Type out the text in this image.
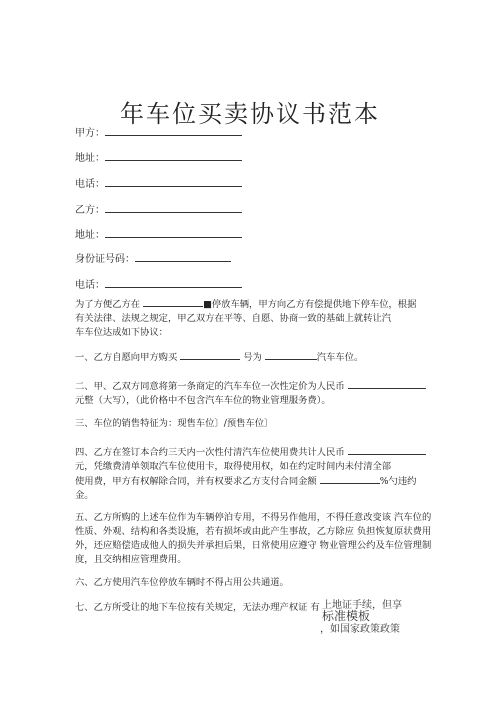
年车位买卖协议书范本
甲方：
地址：
电话：
乙方：
地址：
身份证号码：
电话：

为了方便乙方在	■停放车辆，甲方向乙方有偿提供地下停车位，根据

有关法律、法规之规定，甲乙双方在平等、自愿、协商一致的基础上就转让汽

车车位达成如下协议：

一、乙方自愿向甲方购买	号为	汽车车位。

二、甲、乙双方同意将第一条商定的汽车车位一次性定价为人民币

元整（大写），（此价格中不包含汽车车位的物业管理服务费）。

三、车位的销售特征为：现售车位〕/预售车位〕

四、乙方在签订本合约三天内一次性付清汽车位使用费共计人民币

元，凭缴费清单领取汽车位使用卡，取得使用权，如在约定时间内未付清全部

使用费，甲方有权解除合同，并有权要求乙方支付合同金额	%勺违约

金。

五、乙方所购的上述车位作为车辆停泊专用，不得另作他用，不得任意改变该 汽车位的

性质、外观、结构和各类设施，若有损坏或由此产生事故，乙方除应 负担恢复原状费用

外，还应赔偿造成他人的损失并承担后果，日常使用应遵守 物业管理公约及车位管理制

度，且交纳相应管理费用。

六、乙方使用汽车位停放车辆时不得占用公共通道。

七、乙方所受让的地下车位按有关规定，无法办理产权证 有 上地证手续，但享
标准模板
，如国家政策政策
